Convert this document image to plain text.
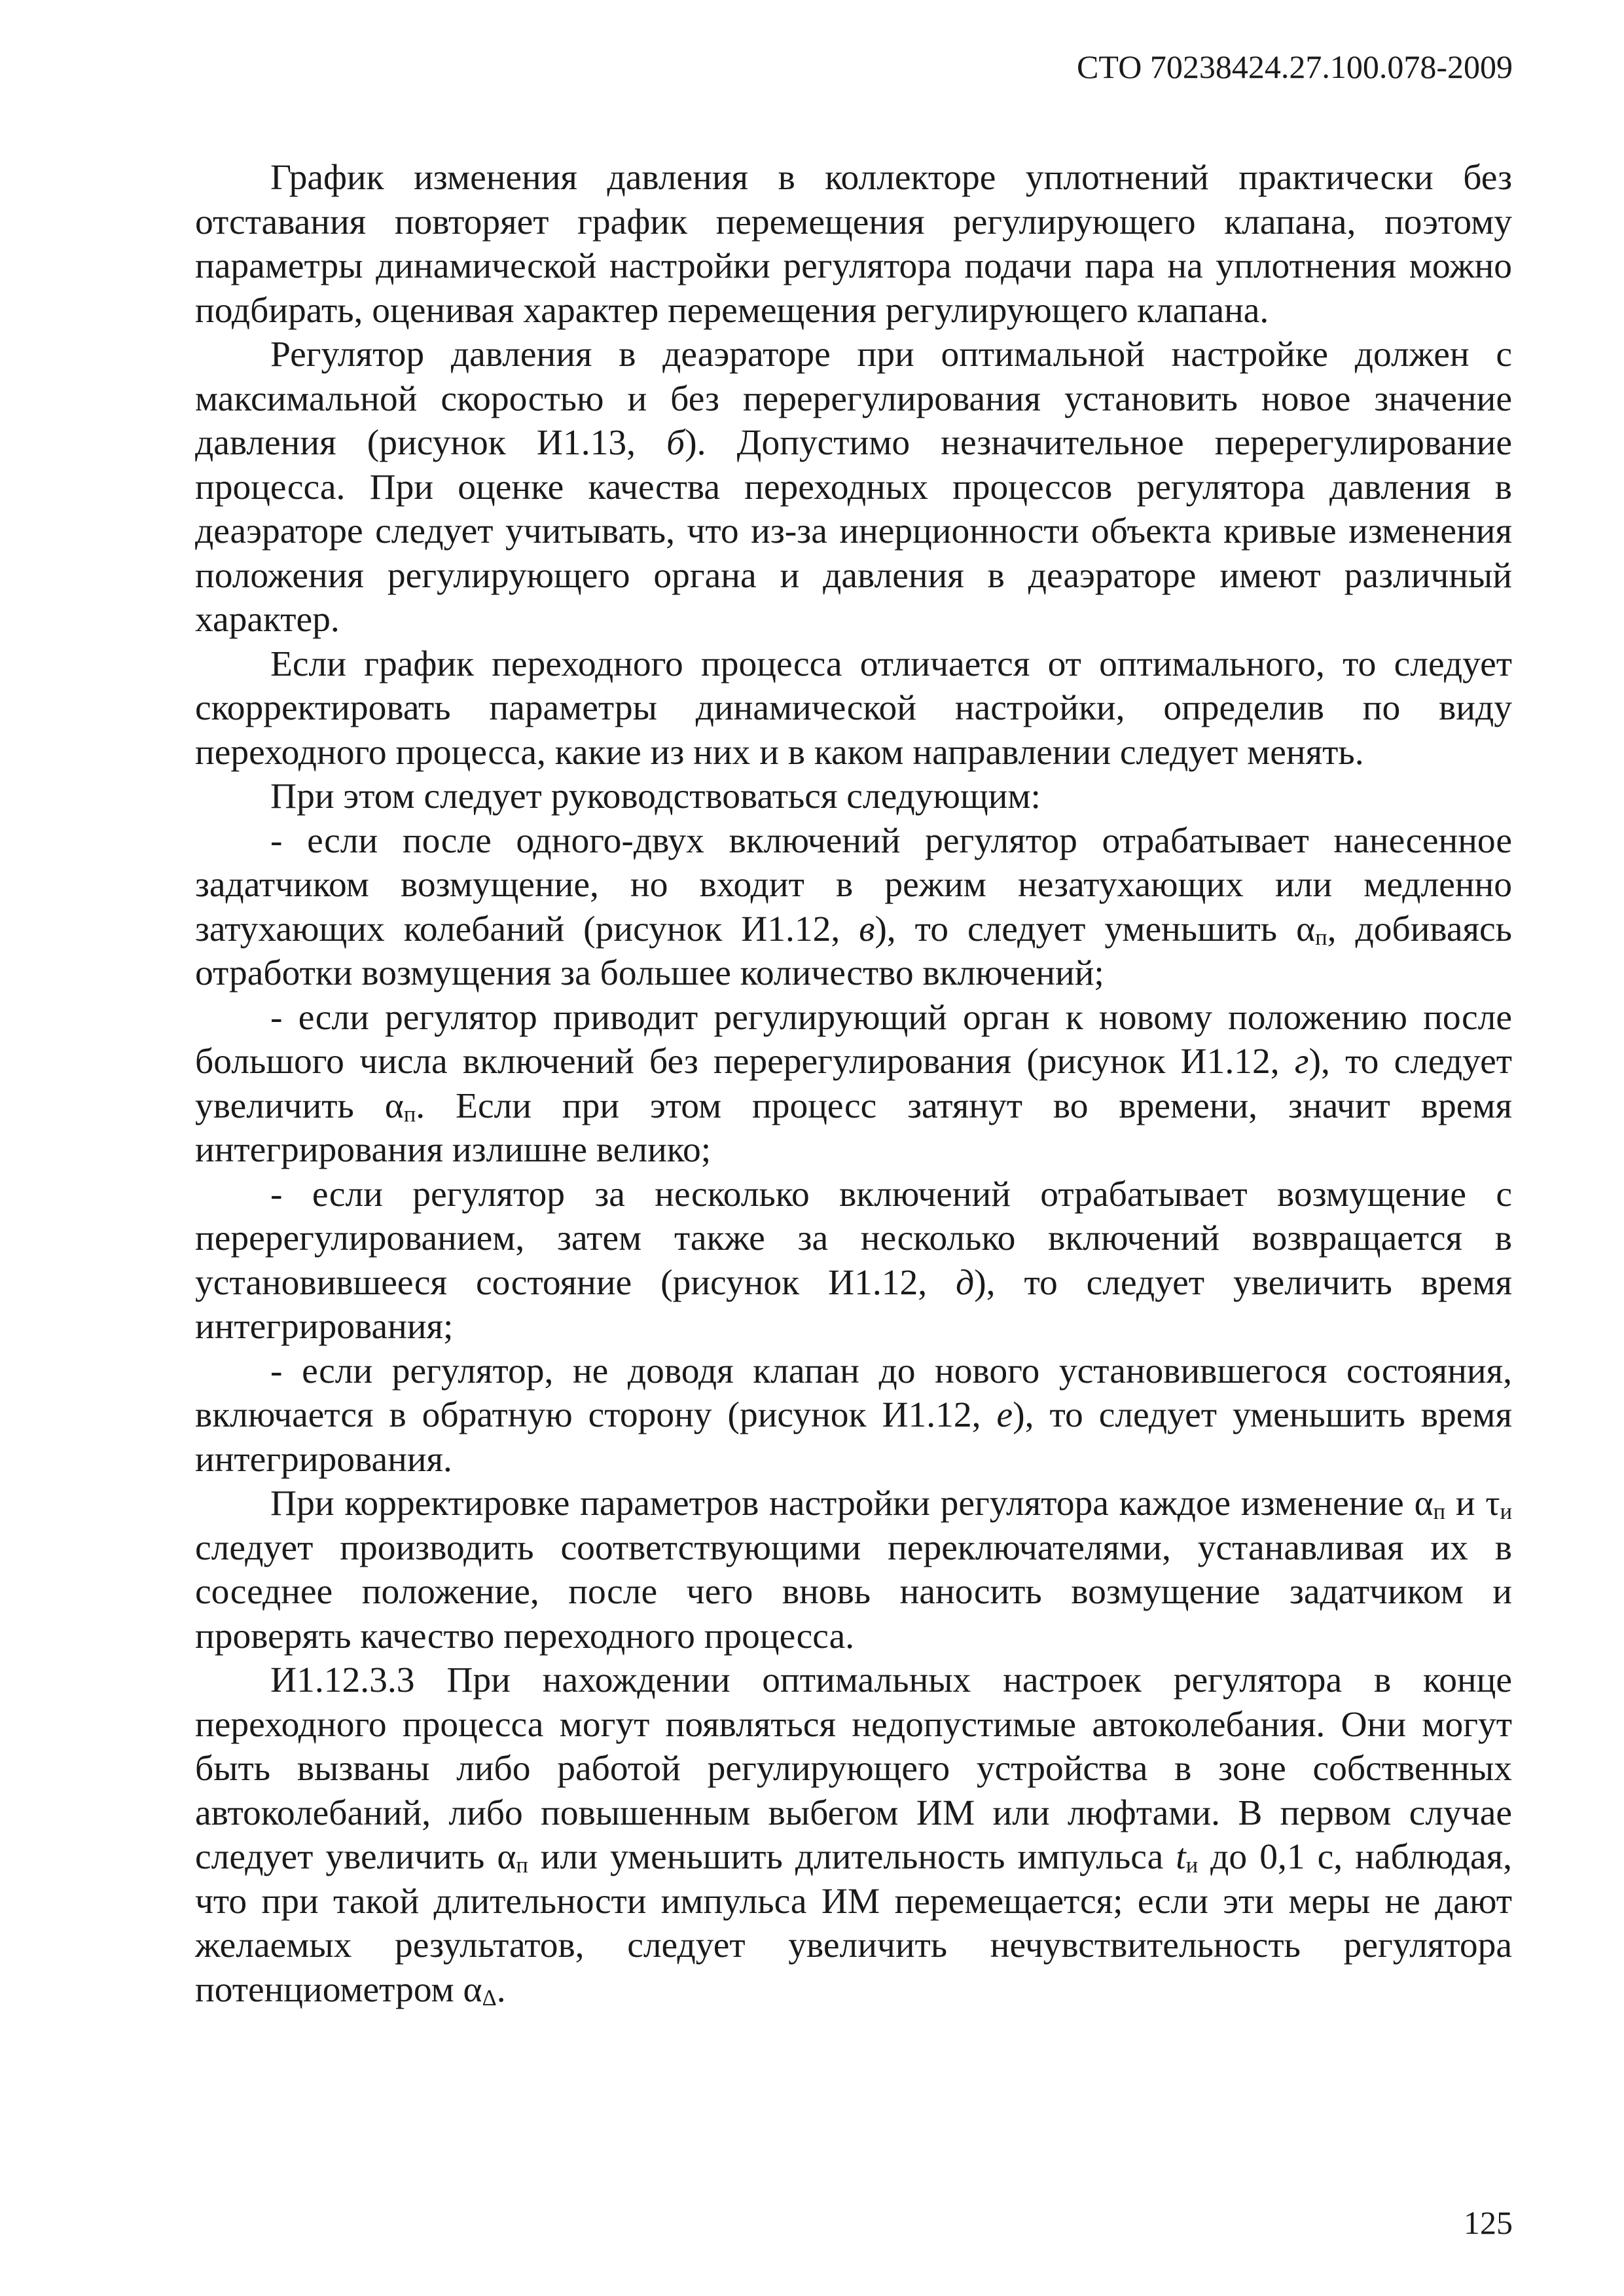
СТО 70238424.27.100.078-2009

График изменения давления в коллекторе уплотнений практически без отставания повторяет график перемещения регулирующего клапана, поэтому параметры динамической настройки регулятора подачи пара на уплотнения можно подбирать, оценивая характер перемещения регулирующего клапана.

Регулятор давления в деаэраторе при оптимальной настройке должен с максимальной скоростью и без перерегулирования установить новое значение давления (рисунок И1.13, б). Допустимо незначительное перерегулирование процесса. При оценке качества переходных процессов регулятора давления в деаэраторе следует учитывать, что из-за инерционности объекта кривые изменения положения регулирующего органа и давления в деаэраторе имеют различный характер.

Если график переходного процесса отличается от оптимального, то следует скорректировать параметры динамической настройки, определив по виду переходного процесса, какие из них и в каком направлении следует менять.

При этом следует руководствоваться следующим:

- если после одного-двух включений регулятор отрабатывает нанесенное задатчиком возмущение, но входит в режим незатухающих или медленно затухающих колебаний (рисунок И1.12, в), то следует уменьшить $\alpha_п$, добиваясь отработки возмущения за большее количество включений;

- если регулятор приводит регулирующий орган к новому положению после большого числа включений без перерегулирования (рисунок И1.12, г), то следует увеличить $\alpha_п$. Если при этом процесс затянут во времени, значит время интегрирования излишне велико;

- если регулятор за несколько включений отрабатывает возмущение с перерегулированием, затем также за несколько включений возвращается в установившееся состояние (рисунок И1.12, д), то следует увеличить время интегрирования;

- если регулятор, не доводя клапан до нового установившегося состояния, включается в обратную сторону (рисунок И1.12, е), то следует уменьшить время интегрирования.

При корректировке параметров настройки регулятора каждое изменение $\alpha_п$ и $\tau_и$ следует производить соответствующими переключателями, устанавливая их в соседнее положение, после чего вновь наносить возмущение задатчиком и проверять качество переходного процесса.

И1.12.3.3 При нахождении оптимальных настроек регулятора в конце переходного процесса могут появляться недопустимые автоколебания. Они могут быть вызваны либо работой регулирующего устройства в зоне собственных автоколебаний, либо повышенным выбегом ИМ или люфтами. В первом случае следует увеличить $\alpha_п$ или уменьшить длительность импульса $t_и$ до 0,1 с, наблюдая, что при такой длительности импульса ИМ перемещается; если эти меры не дают желаемых результатов, следует увеличить нечувствительность регулятора потенциометром $\alpha_\Delta$.

125
